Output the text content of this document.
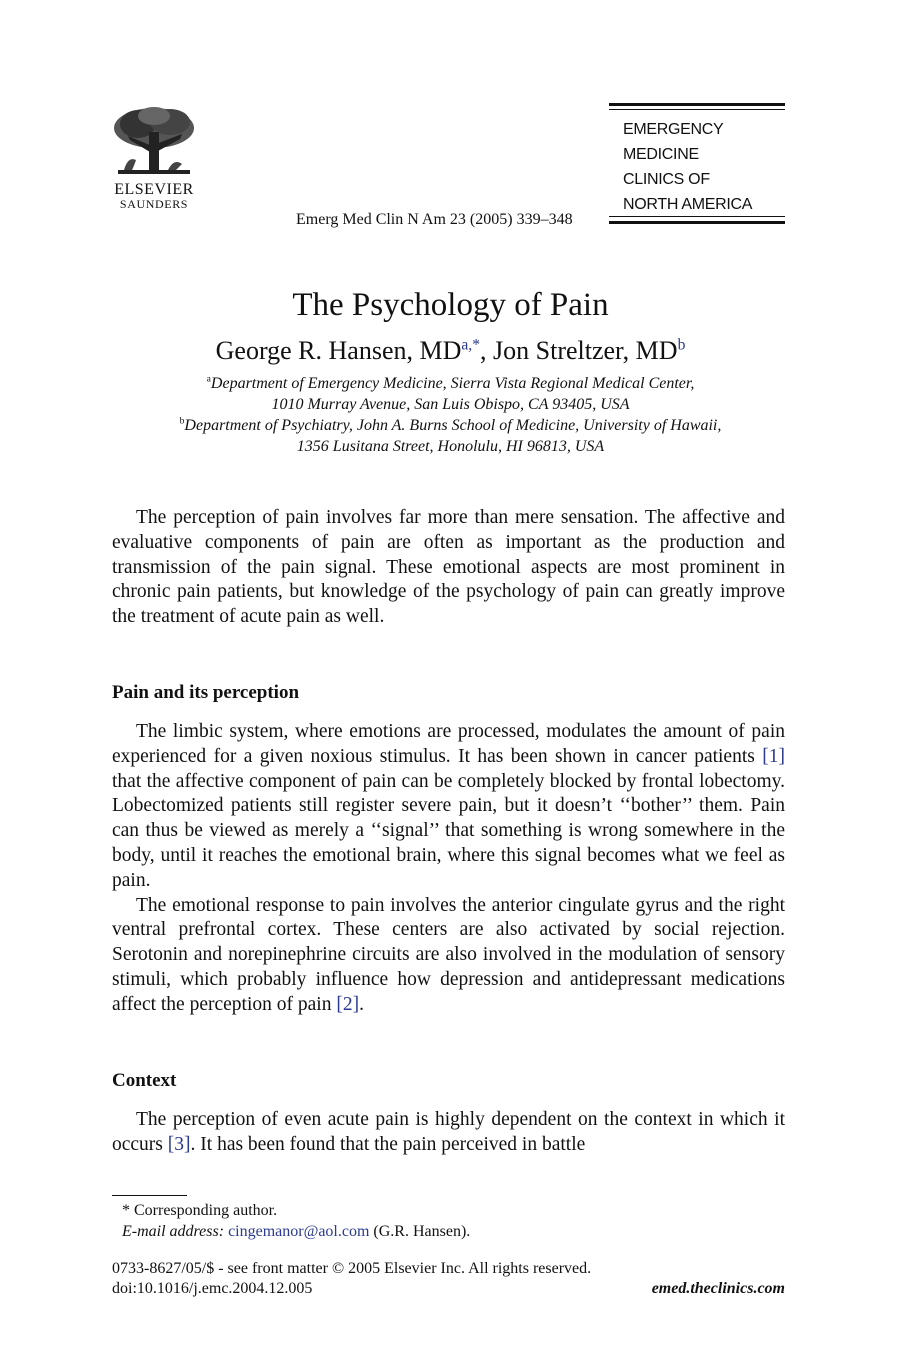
ELSEVIER
SAUNDERS
Emerg Med Clin N Am 23 (2005) 339–348
EMERGENCY
MEDICINE
CLINICS OF
NORTH AMERICA
The Psychology of Pain
George R. Hansen, $MD^{a,*}$, Jon Streltzer, $MD^b$
$^a$Department of Emergency Medicine, Sierra Vista Regional Medical Center,
1010 Murray Avenue, San Luis Obispo, CA 93405, USA
$^b$Department of Psychiatry, John A. Burns School of Medicine, University of Hawaii,
1356 Lusitana Street, Honolulu, HI 96813, USA

The perception of pain involves far more than mere sensation. The affective and evaluative components of pain are often as important as the production and transmission of the pain signal. These emotional aspects are most prominent in chronic pain patients, but knowledge of the psychology of pain can greatly improve the treatment of acute pain as well.

Pain and its perception

The limbic system, where emotions are processed, modulates the amount of pain experienced for a given noxious stimulus. It has been shown in cancer patients [1] that the affective component of pain can be completely blocked by frontal lobectomy. Lobectomized patients still register severe pain, but it doesn’t ‘‘bother’’ them. Pain can thus be viewed as merely a ‘‘signal’’ that something is wrong somewhere in the body, until it reaches the emotional brain, where this signal becomes what we feel as pain.

The emotional response to pain involves the anterior cingulate gyrus and the right ventral prefrontal cortex. These centers are also activated by social rejection. Serotonin and norepinephrine circuits are also involved in the modulation of sensory stimuli, which probably influence how depression and antidepressant medications affect the perception of pain [2].

Context

The perception of even acute pain is highly dependent on the context in which it occurs [3]. It has been found that the pain perceived in battle

* Corresponding author.
E-mail address: cingemanor@aol.com (G.R. Hansen).
0733-8627/05/$ - see front matter © 2005 Elsevier Inc. All rights reserved.
doi:10.1016/j.emc.2004.12.005	emed.theclinics.com
